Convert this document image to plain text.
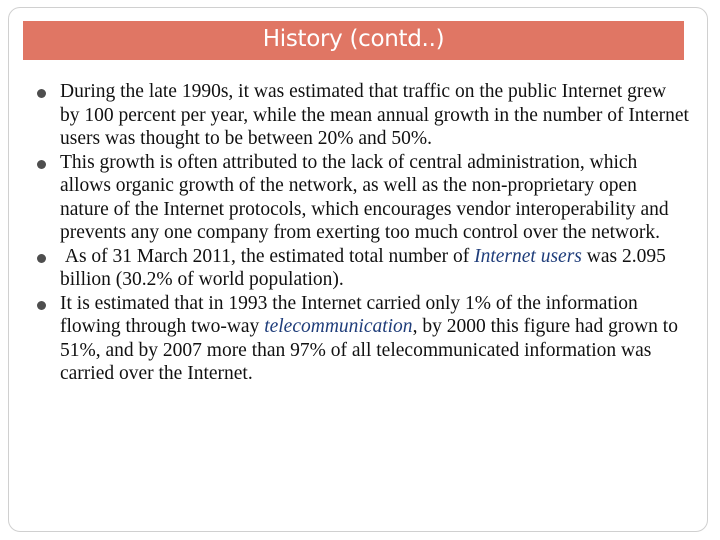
History (contd..)
During the late 1990s, it was estimated that traffic on the public Internet grew by 100 percent per year, while the mean annual growth in the number of Internet users was thought to be between 20% and 50%.
This growth is often attributed to the lack of central administration, which allows organic growth of the network, as well as the non-proprietary open nature of the Internet protocols, which encourages vendor interoperability and prevents any one company from exerting too much control over the network.
As of 31 March 2011, the estimated total number of Internet users was 2.095 billion (30.2% of world population).
It is estimated that in 1993 the Internet carried only 1% of the information flowing through two-way telecommunication, by 2000 this figure had grown to 51%, and by 2007 more than 97% of all telecommunicated information was carried over the Internet.
